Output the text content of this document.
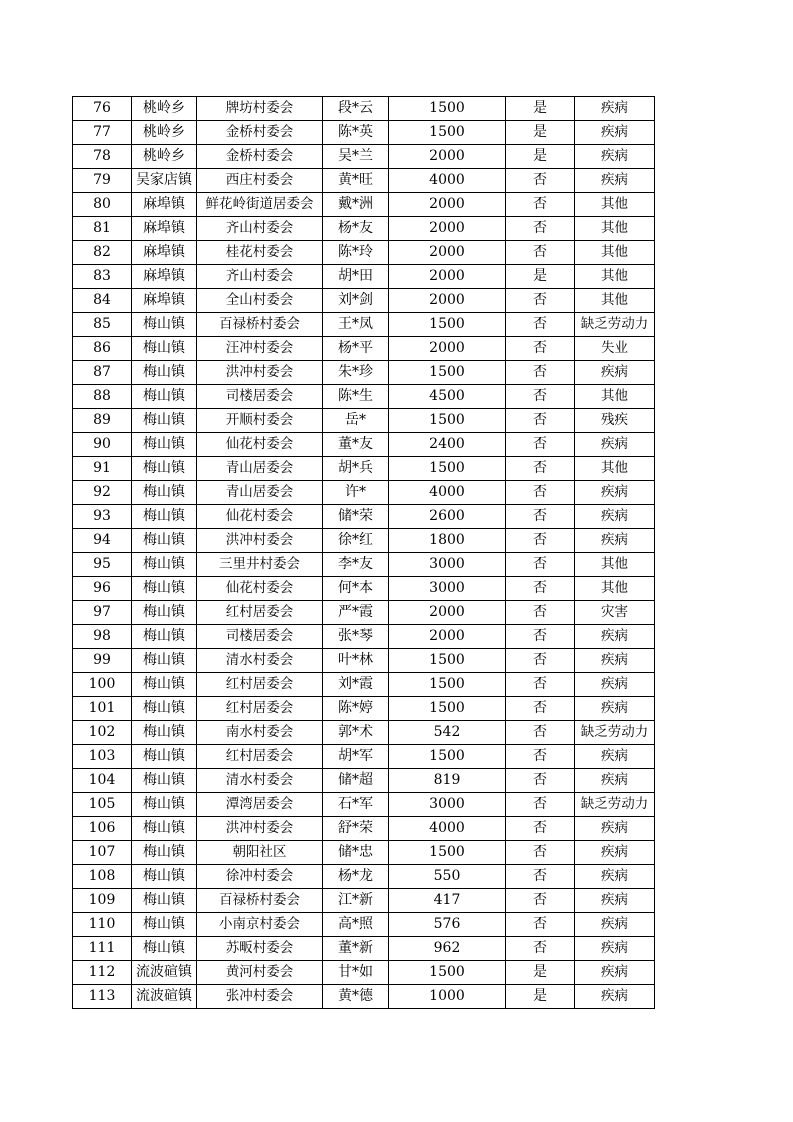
76	桃岭乡	牌坊村委会	段*云	1500	是	疾病
77	桃岭乡	金桥村委会	陈*英	1500	是	疾病
78	桃岭乡	金桥村委会	吴*兰	2000	是	疾病
79	吴家店镇	西庄村委会	黄*旺	4000	否	疾病
80	麻埠镇	鲜花岭街道居委会	戴*洲	2000	否	其他
81	麻埠镇	齐山村委会	杨*友	2000	否	其他
82	麻埠镇	桂花村委会	陈*玲	2000	否	其他
83	麻埠镇	齐山村委会	胡*田	2000	是	其他
84	麻埠镇	全山村委会	刘*剑	2000	否	其他
85	梅山镇	百禄桥村委会	王*凤	1500	否	缺乏劳动力
86	梅山镇	汪冲村委会	杨*平	2000	否	失业
87	梅山镇	洪冲村委会	朱*珍	1500	否	疾病
88	梅山镇	司楼居委会	陈*生	4500	否	其他
89	梅山镇	开顺村委会	岳*	1500	否	残疾
90	梅山镇	仙花村委会	董*友	2400	否	疾病
91	梅山镇	青山居委会	胡*兵	1500	否	其他
92	梅山镇	青山居委会	许*	4000	否	疾病
93	梅山镇	仙花村委会	储*荣	2600	否	疾病
94	梅山镇	洪冲村委会	徐*红	1800	否	疾病
95	梅山镇	三里井村委会	李*友	3000	否	其他
96	梅山镇	仙花村委会	何*本	3000	否	其他
97	梅山镇	红村居委会	严*霞	2000	否	灾害
98	梅山镇	司楼居委会	张*琴	2000	否	疾病
99	梅山镇	清水村委会	叶*林	1500	否	疾病
100	梅山镇	红村居委会	刘*霞	1500	否	疾病
101	梅山镇	红村居委会	陈*婷	1500	否	疾病
102	梅山镇	南水村委会	郭*术	542	否	缺乏劳动力
103	梅山镇	红村居委会	胡*军	1500	否	疾病
104	梅山镇	清水村委会	储*超	819	否	疾病
105	梅山镇	潭湾居委会	石*军	3000	否	缺乏劳动力
106	梅山镇	洪冲村委会	舒*荣	4000	否	疾病
107	梅山镇	朝阳社区	储*忠	1500	否	疾病
108	梅山镇	徐冲村委会	杨*龙	550	否	疾病
109	梅山镇	百禄桥村委会	江*新	417	否	疾病
110	梅山镇	小南京村委会	高*照	576	否	疾病
111	梅山镇	苏畈村委会	董*新	962	否	疾病
112	流波碹镇	黄河村委会	甘*如	1500	是	疾病
113	流波碹镇	张冲村委会	黄*德	1000	是	疾病
